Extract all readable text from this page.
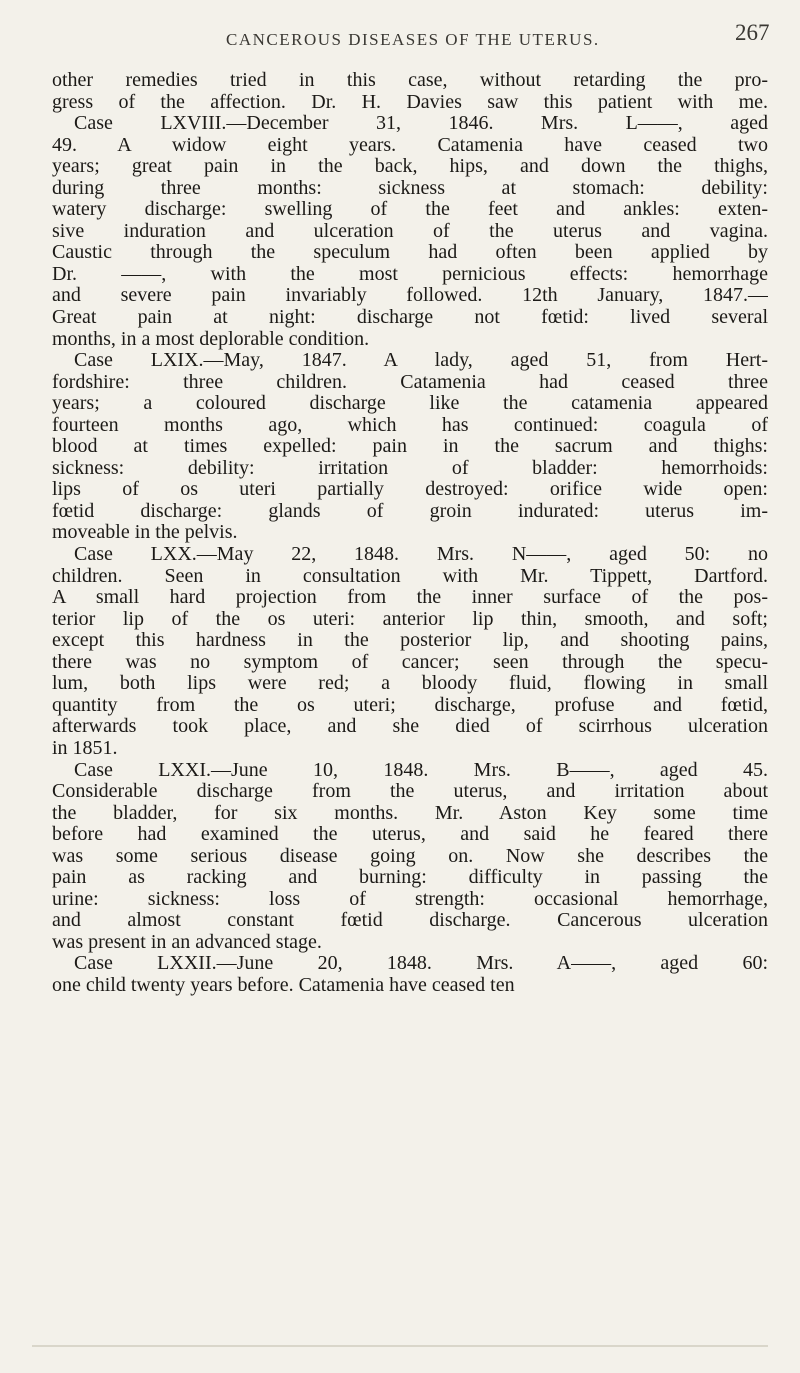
CANCEROUS DISEASES OF THE UTERUS.	267
other remedies tried in this case, without retarding the pro-
gress of the affection. Dr. H. Davies saw this patient with me.
Case LXVIII.—December 31, 1846. Mrs. L——, aged
49. A widow eight years. Catamenia have ceased two
years; great pain in the back, hips, and down the thighs,
during three months: sickness at stomach: debility:
watery discharge: swelling of the feet and ankles: exten-
sive induration and ulceration of the uterus and vagina.
Caustic through the speculum had often been applied by
Dr. ——, with the most pernicious effects: hemorrhage
and severe pain invariably followed. 12th January, 1847.—
Great pain at night: discharge not fœtid: lived several
months, in a most deplorable condition.
Case LXIX.—May, 1847. A lady, aged 51, from Hert-
fordshire: three children. Catamenia had ceased three
years; a coloured discharge like the catamenia appeared
fourteen months ago, which has continued: coagula of
blood at times expelled: pain in the sacrum and thighs:
sickness: debility: irritation of bladder: hemorrhoids:
lips of os uteri partially destroyed: orifice wide open:
fœtid discharge: glands of groin indurated: uterus im-
moveable in the pelvis.
Case LXX.—May 22, 1848. Mrs. N——, aged 50: no
children. Seen in consultation with Mr. Tippett, Dartford.
A small hard projection from the inner surface of the pos-
terior lip of the os uteri: anterior lip thin, smooth, and soft;
except this hardness in the posterior lip, and shooting pains,
there was no symptom of cancer; seen through the specu-
lum, both lips were red; a bloody fluid, flowing in small
quantity from the os uteri; discharge, profuse and fœtid,
afterwards took place, and she died of scirrhous ulceration
in 1851.
Case LXXI.—June 10, 1848. Mrs. B——, aged 45.
Considerable discharge from the uterus, and irritation about
the bladder, for six months. Mr. Aston Key some time
before had examined the uterus, and said he feared there
was some serious disease going on. Now she describes the
pain as racking and burning: difficulty in passing the
urine: sickness: loss of strength: occasional hemorrhage,
and almost constant fœtid discharge. Cancerous ulceration
was present in an advanced stage.
Case LXXII.—June 20, 1848. Mrs. A——, aged 60:
one child twenty years before. Catamenia have ceased ten
